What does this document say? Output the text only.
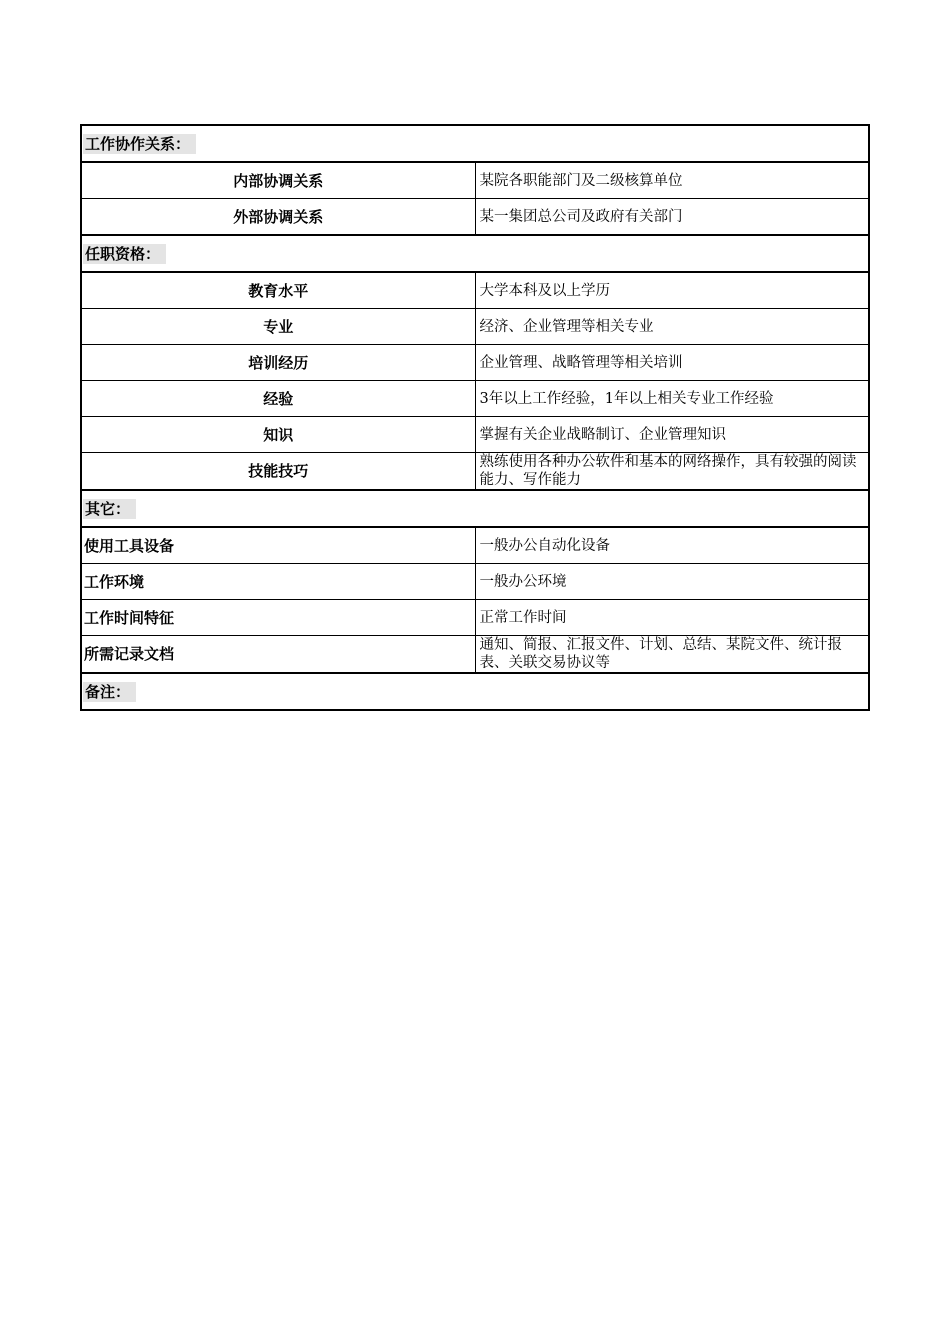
工作协作关系：	
内部协调关系	某院各职能部门及二级核算单位
外部协调关系	某一集团总公司及政府有关部门
任职资格：	
教育水平	大学本科及以上学历
专业	经济、企业管理等相关专业
培训经历	企业管理、战略管理等相关培训
经验	3年以上工作经验，1年以上相关专业工作经验
知识	掌握有关企业战略制订、企业管理知识
技能技巧	熟练使用各种办公软件和基本的网络操作，具有较强的阅读能力、写作能力
其它：	
使用工具设备	一般办公自动化设备
工作环境	一般办公环境
工作时间特征	正常工作时间
所需记录文档	通知、简报、汇报文件、计划、总结、某院文件、统计报表、关联交易协议等
备注：	
